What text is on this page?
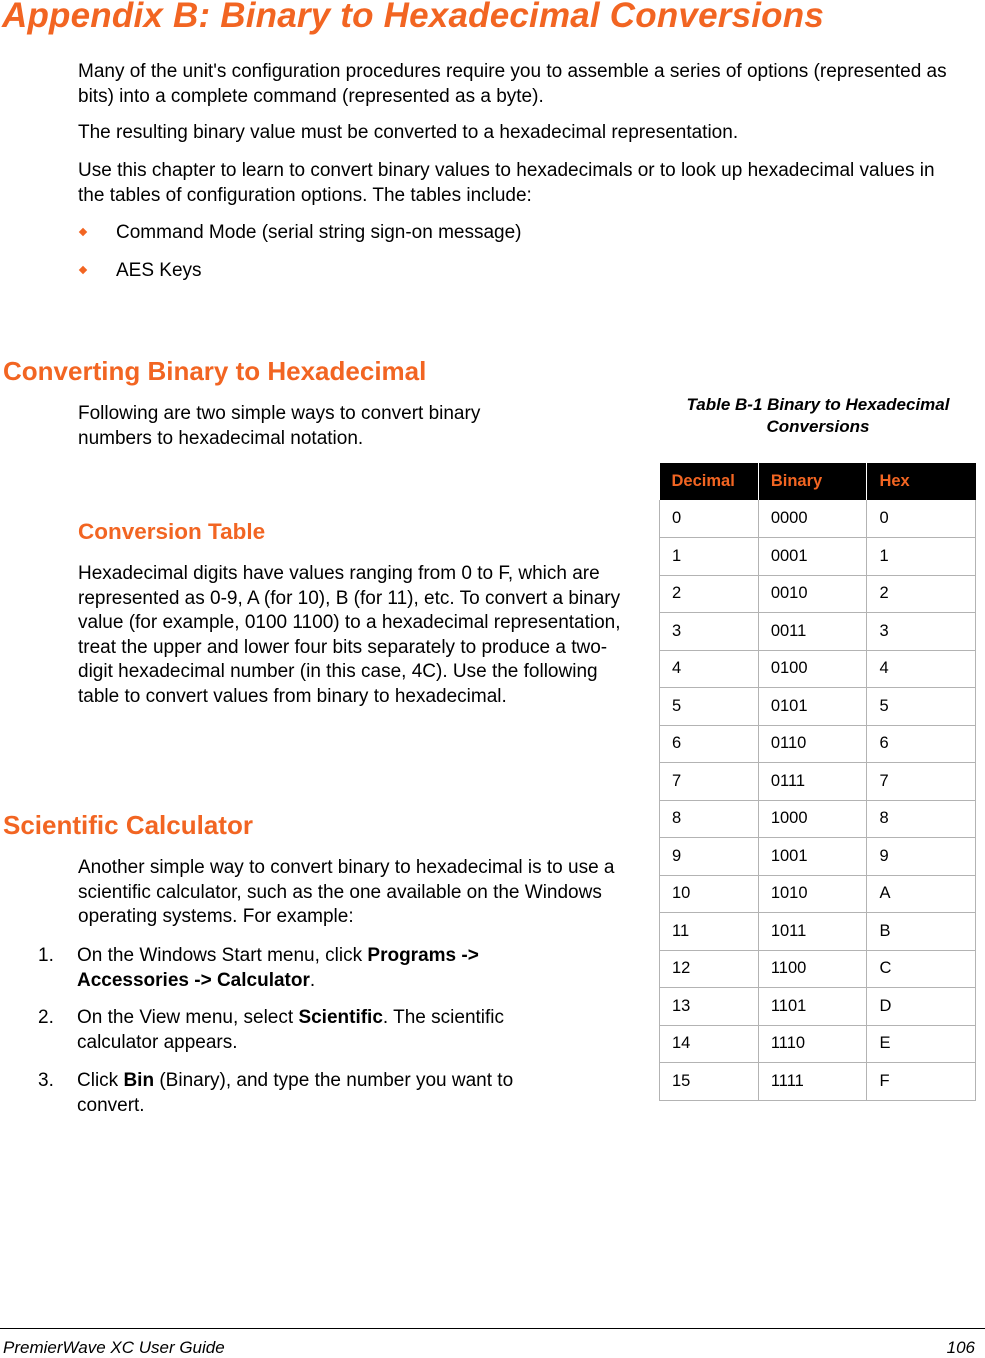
Appendix B: Binary to Hexadecimal Conversions

Many of the unit's configuration procedures require you to assemble a series of options (represented as bits) into a complete command (represented as a byte).

The resulting binary value must be converted to a hexadecimal representation.

Use this chapter to learn to convert binary values to hexadecimals or to look up hexadecimal values in the tables of configuration options. The tables include:

Command Mode (serial string sign-on message)
AES Keys
Converting Binary to Hexadecimal

Following are two simple ways to convert binary numbers to hexadecimal notation.

Table B-1 Binary to Hexadecimal
Conversions
Decimal	Binary	Hex
0	0000	0
1	0001	1
2	0010	2
3	0011	3
4	0100	4
5	0101	5
6	0110	6
7	0111	7
8	1000	8
9	1001	9
10	1010	A
11	1011	B
12	1100	C
13	1101	D
14	1110	E
15	1111	F
Conversion Table

Hexadecimal digits have values ranging from 0 to F, which are represented as 0-9, A (for 10), B (for 11), etc. To convert a binary value (for example, 0100 1100) to a hexadecimal representation, treat the upper and lower four bits separately to produce a two-digit hexadecimal number (in this case, 4C). Use the following table to convert values from binary to hexadecimal.

Scientific Calculator

Another simple way to convert binary to hexadecimal is to use a scientific calculator, such as the one available on the Windows operating systems. For example:

1. On the Windows Start menu, click Programs -> Accessories -> Calculator.

2. On the View menu, select Scientific. The scientific calculator appears.

3. Click Bin (Binary), and type the number you want to convert.

PremierWave XC User Guide	106
